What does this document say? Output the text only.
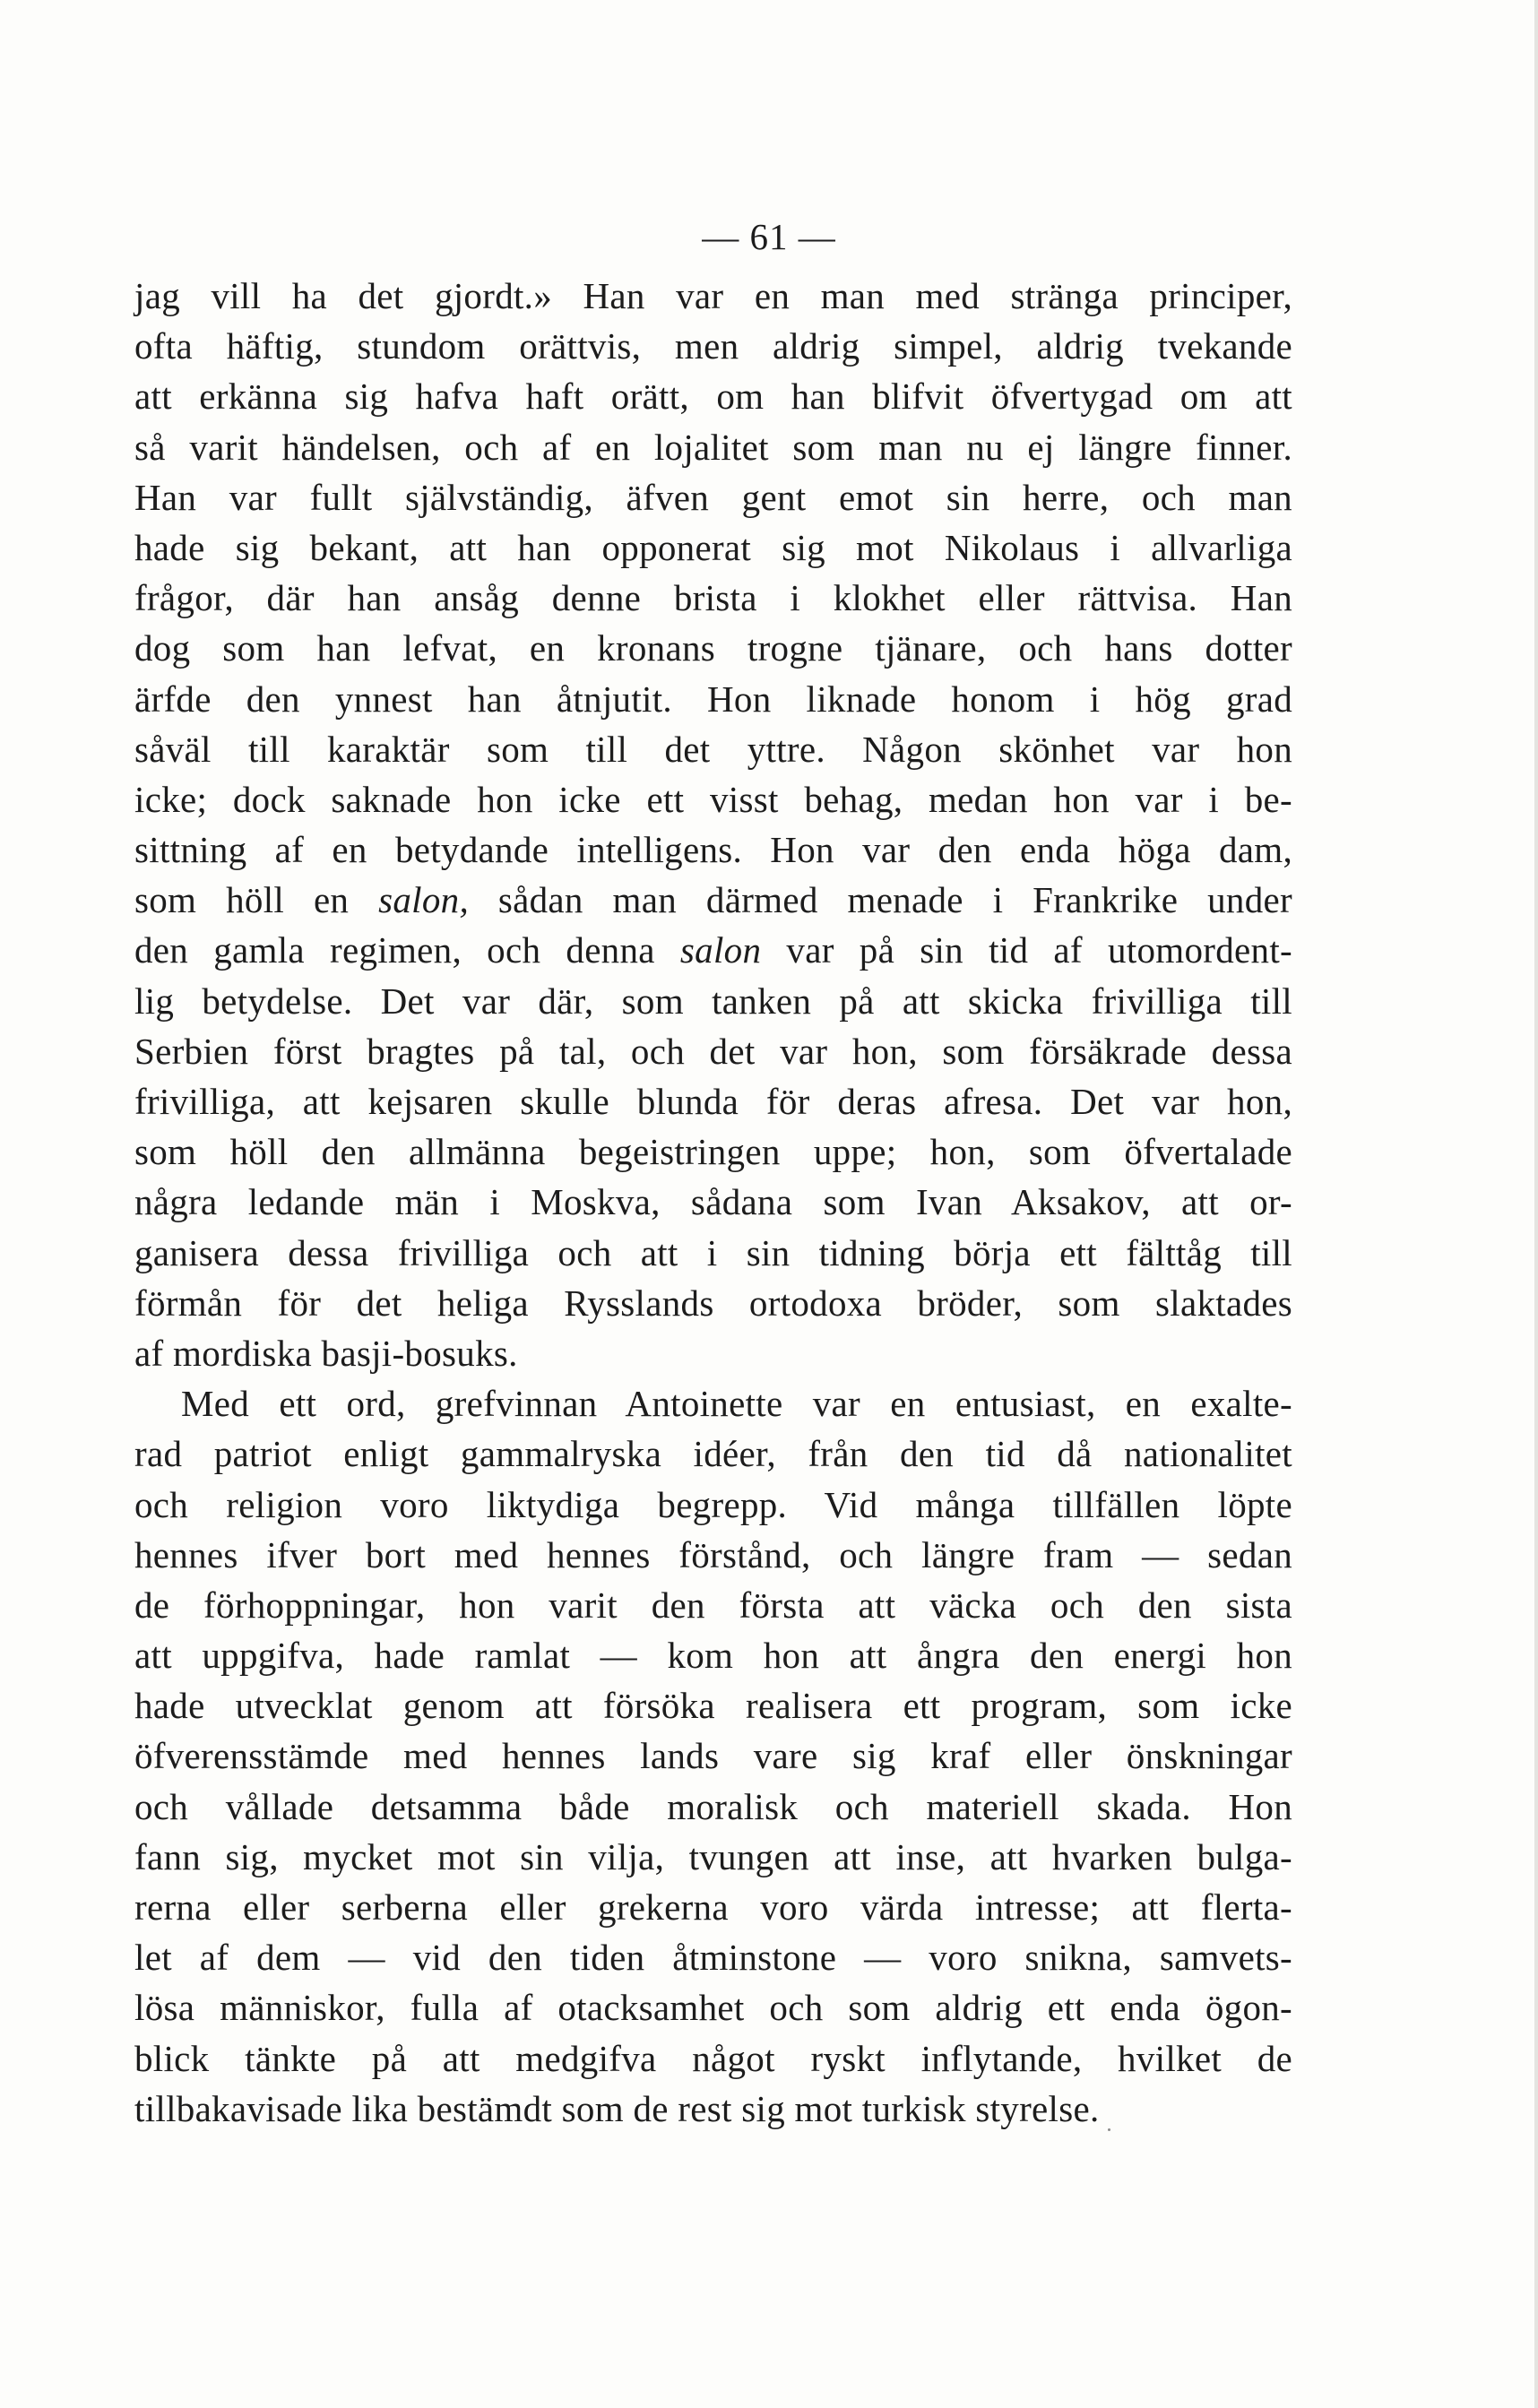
— 61 —
jag vill ha det gjordt.» Han var en man med stränga principer,
ofta häftig, stundom orättvis, men aldrig simpel, aldrig tvekande
att erkänna sig hafva haft orätt, om han blifvit öfvertygad om att
så varit händelsen, och af en lojalitet som man nu ej längre finner.
Han var fullt självständig, äfven gent emot sin herre, och man
hade sig bekant, att han opponerat sig mot Nikolaus i allvarliga
frågor, där han ansåg denne brista i klokhet eller rättvisa. Han
dog som han lefvat, en kronans trogne tjänare, och hans dotter
ärfde den ynnest han åtnjutit. Hon liknade honom i hög grad
såväl till karaktär som till det yttre. Någon skönhet var hon
icke; dock saknade hon icke ett visst behag, medan hon var i be-
sittning af en betydande intelligens. Hon var den enda höga dam,
som höll en salon, sådan man därmed menade i Frankrike under
den gamla regimen, och denna salon var på sin tid af utomordent-
lig betydelse. Det var där, som tanken på att skicka frivilliga till
Serbien först bragtes på tal, och det var hon, som försäkrade dessa
frivilliga, att kejsaren skulle blunda för deras afresa. Det var hon,
som höll den allmänna begeistringen uppe; hon, som öfvertalade
några ledande män i Moskva, sådana som Ivan Aksakov, att or-
ganisera dessa frivilliga och att i sin tidning börja ett fälttåg till
förmån för det heliga Rysslands ortodoxa bröder, som slaktades
af mordiska basji-bosuks.
Med ett ord, grefvinnan Antoinette var en entusiast, en exalte-
rad patriot enligt gammalryska idéer, från den tid då nationalitet
och religion voro liktydiga begrepp. Vid många tillfällen löpte
hennes ifver bort med hennes förstånd, och längre fram — sedan
de förhoppningar, hon varit den första att väcka och den sista
att uppgifva, hade ramlat — kom hon att ångra den energi hon
hade utvecklat genom att försöka realisera ett program, som icke
öfverensstämde med hennes lands vare sig kraf eller önskningar
och vållade detsamma både moralisk och materiell skada. Hon
fann sig, mycket mot sin vilja, tvungen att inse, att hvarken bulga-
rerna eller serberna eller grekerna voro värda intresse; att flerta-
let af dem — vid den tiden åtminstone — voro snikna, samvets-
lösa människor, fulla af otacksamhet och som aldrig ett enda ögon-
blick tänkte på att medgifva något ryskt inflytande, hvilket de
tillbakavisade lika bestämdt som de rest sig mot turkisk styrelse.
